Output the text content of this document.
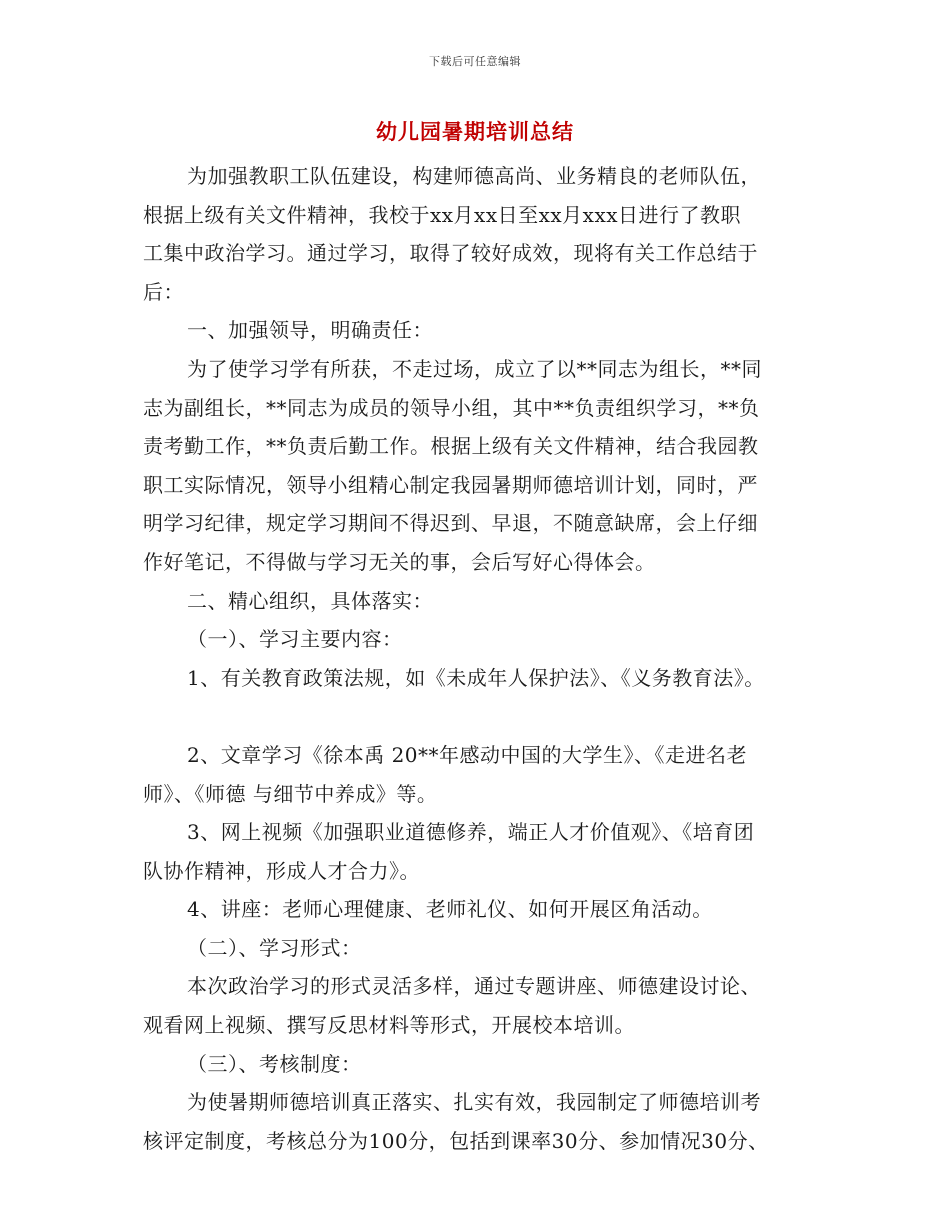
下载后可任意编辑
幼儿园暑期培训总结
为加强教职工队伍建设，构建师德高尚、业务精良的老师队伍，
根据上级有关文件精神，我校于xx月xx日至xx月xxx日进行了教职
工集中政治学习。通过学习，取得了较好成效，现将有关工作总结于
后：
一、加强领导，明确责任：
为了使学习学有所获，不走过场，成立了以**同志为组长，**同
志为副组长，**同志为成员的领导小组，其中**负责组织学习，**负
责考勤工作，**负责后勤工作。根据上级有关文件精神，结合我园教
职工实际情况，领导小组精心制定我园暑期师德培训计划，同时，严
明学习纪律，规定学习期间不得迟到、早退，不随意缺席，会上仔细
作好笔记，不得做与学习无关的事，会后写好心得体会。
二、精心组织，具体落实：
（一）、学习主要内容：
1、有关教育政策法规，如《未成年人保护法》、《义务教育法》。
2、文章学习《徐本禹 20**年感动中国的大学生》、《走进名老
师》、《师德 与细节中养成》等。
3、网上视频《加强职业道德修养，端正人才价值观》、《培育团
队协作精神，形成人才合力》。
4、讲座：老师心理健康、老师礼仪、如何开展区角活动。
（二）、学习形式：
本次政治学习的形式灵活多样，通过专题讲座、师德建设讨论、
观看网上视频、撰写反思材料等形式，开展校本培训。
（三）、考核制度：
为使暑期师德培训真正落实、扎实有效，我园制定了师德培训考
核评定制度，考核总分为100分，包括到课率30分、参加情况30分、
